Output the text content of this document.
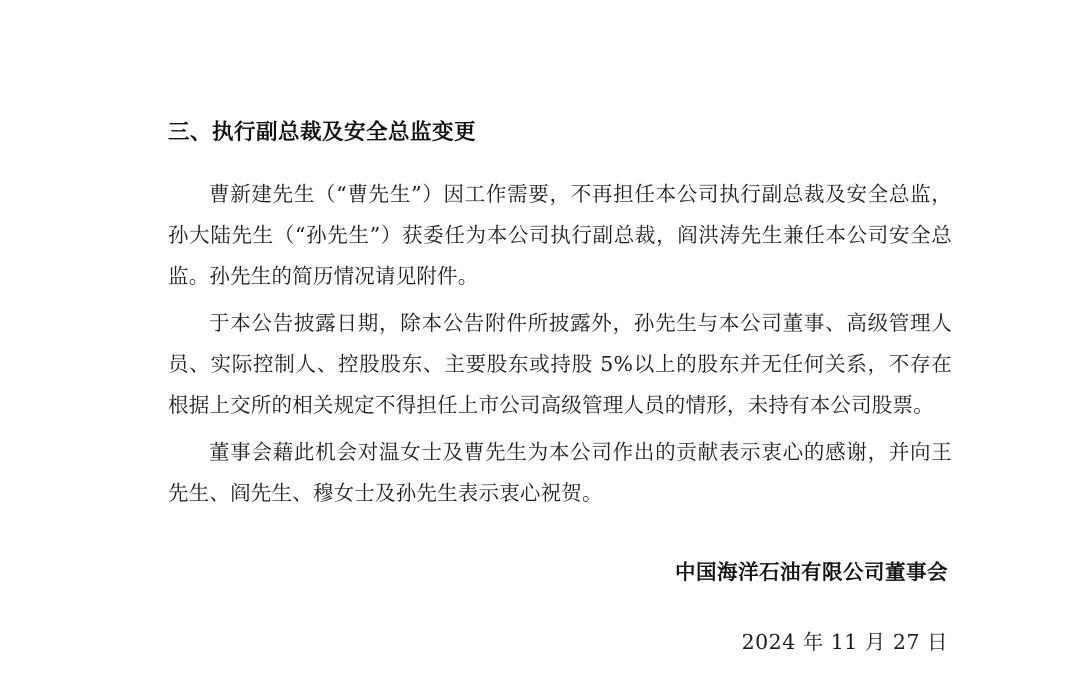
三、执行副总裁及安全总监变更

曹新建先生（“曹先生”）因工作需要，不再担任本公司执行副总裁及安全总监，孙大陆先生（“孙先生”）获委任为本公司执行副总裁，阎洪涛先生兼任本公司安全总监。孙先生的简历情况请见附件。

于本公告披露日期，除本公告附件所披露外，孙先生与本公司董事、高级管理人员、实际控制人、控股股东、主要股东或持股 5%以上的股东并无任何关系，不存在根据上交所的相关规定不得担任上市公司高级管理人员的情形，未持有本公司股票。

董事会藉此机会对温女士及曹先生为本公司作出的贡献表示衷心的感谢，并向王先生、阎先生、穆女士及孙先生表示衷心祝贺。

中国海洋石油有限公司董事会
2024 年 11 月 27 日
